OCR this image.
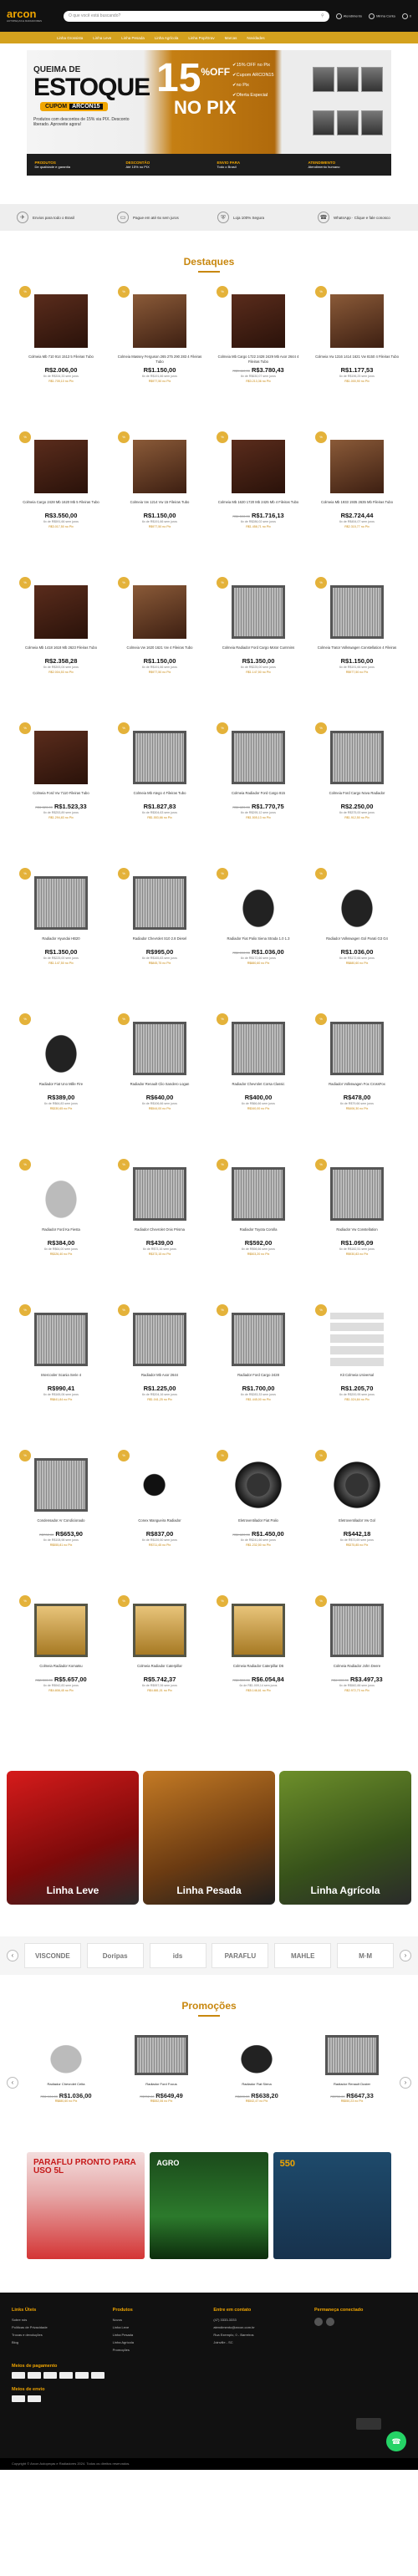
arcon
AUTOPEÇAS E RADIADORES
O que você está buscando?	⚲	Atendimento	Minha Conta	0
Linha Grossista	Linha Leve	Linha Pesada	Linha Agrícola	Linha Pop/Grav	Marcas	Novidades
QUEIMA DE
ESTOQUE
CUPOM ARCON15
Produtos com descontos de 15% via PIX. Desconto liberado. Aproveite agora!
15%OFF
NO PIX
✔ 15% OFF no Pix
✔ Cupom ARCON15
✔ no Pix
✔ Oferta Especial
PRODUTOS
De qualidade e garantia
DESCONTÃO
Até 15% no PIX
ENVIO PARA
Todo o Brasil
ATENDIMENTO
Atendimento humano
✈	Envios para todo o Brasil	▭	Pague em até 6x sem juros	⛨	Loja 100% Segura	☎	WhatsApp · Clique e fale conosco
Destaques
%
Colmeia Mb 710 914 1513 5 Fileiras Tubo
R$2.006,00
6x de R$334,33 sem juros
R$1.705,10 no Pix
%
Colmeia Massey Ferguson 265 275 290 283 4 Fileiras Tubo
R$1.150,00
6x de R$191,66 sem juros
R$977,50 no Pix
%
Colmeia Mb Cargo 1722 2428 2429 Mb Axor 2644 4 Fileiras Tubo
R$3.460,00 R$3.780,43
6x de R$630,07 sem juros
R$3.213,36 no Pix
%
Colmeia Vw 1316 1414 1621 Vw 8150 4 Fileiras Tubo
R$1.177,53
6x de R$196,25 sem juros
R$1.000,90 no Pix
%
Colmeia Cargo 2428 Mb 1620 Mb 5 Fileiras Tubo
R$3.550,00
6x de R$591,66 sem juros
R$3.017,50 no Pix
%
Colmeia Vw 1214 Vw 15 Fileiras Tubo
R$1.150,00
6x de R$191,66 sem juros
R$977,50 no Pix
%
Colmeia Mb 1620 1720 Mb 2425 Mb 4 Fileiras Tubo
R$1.590,00 R$1.716,13
6x de R$286,02 sem juros
R$1.458,71 no Pix
%
Colmeia Mb 1933 1935 2635 Mb Fileiras Tubo
R$2.724,44
6x de R$454,07 sem juros
R$2.315,77 no Pix
%
Colmeia Mb 1418 1618 Mb 2623 Fileiras Tubo
R$2.358,28
6x de R$393,04 sem juros
R$2.004,53 no Pix
%
Colmeia Vw 1620 1621 Vw 4 Fileiras Tubo
R$1.150,00
6x de R$191,66 sem juros
R$977,50 no Pix
%
Colmeia Radiador Ford Cargo Motor Cummins
R$1.350,00
6x de R$225,00 sem juros
R$1.147,50 no Pix
%
Colmeia Trator Volkswagen Constellation 4 Fileiras
R$1.150,00
6x de R$191,66 sem juros
R$977,50 no Pix
%
Colmeia Ford Vw 7110 Fileiras Tubo
R$1.520,00 R$1.523,33
6x de R$253,89 sem juros
R$1.294,83 no Pix
%
Colmeia Mb Atego 4 Fileiras Tubo
R$1.827,83
6x de R$304,63 sem juros
R$1.553,66 no Pix
%
Colmeia Radiador Ford Cargo 815
R$1.620,00 R$1.770,75
6x de R$295,12 sem juros
R$1.505,13 no Pix
%
Colmeia Ford Cargo Nova Radiador
R$2.250,00
6x de R$375,00 sem juros
R$1.912,50 no Pix
%
Radiador Hyundai HB20
R$1.350,00
6x de R$225,00 sem juros
R$1.147,50 no Pix
%
Radiador Chevrolet S10 2.8 Diesel
R$995,00
6x de R$165,83 sem juros
R$845,75 no Pix
%
Radiador Fiat Palio Siena Strada 1.0 1.3
R$1.090,00 R$1.036,00
6x de R$172,66 sem juros
R$880,60 no Pix
%
Radiador Volkswagen Gol Parati G3 G4
R$1.036,00
6x de R$172,66 sem juros
R$880,60 no Pix
%
Radiador Fiat Uno Mille Fire
R$389,00
6x de R$64,83 sem juros
R$330,65 no Pix
%
Radiador Renault Clio Sandero Logan
R$640,00
6x de R$106,66 sem juros
R$544,00 no Pix
%
Radiador Chevrolet Corsa Classic
R$400,00
6x de R$66,66 sem juros
R$340,00 no Pix
%
Radiador Volkswagen Fox CrossFox
R$478,00
6x de R$79,66 sem juros
R$406,30 no Pix
%
Radiador Ford Ka Fiesta
R$384,00
6x de R$64,00 sem juros
R$326,40 no Pix
%
Radiador Chevrolet Onix Prisma
R$439,00
6x de R$73,16 sem juros
R$373,15 no Pix
%
Radiador Toyota Corolla
R$592,00
6x de R$98,66 sem juros
R$503,20 no Pix
%
Radiador Vw Constellation
R$1.095,09
6x de R$182,51 sem juros
R$930,83 no Pix
%
Intercooler Scania Serie 4
R$990,41
6x de R$165,06 sem juros
R$841,84 no Pix
%
Radiador Mb Axor 2644
R$1.225,00
6x de R$204,16 sem juros
R$1.041,25 no Pix
%
Radiador Ford Cargo 2428
R$1.700,00
6x de R$283,33 sem juros
R$1.445,00 no Pix
%
Kit Colmeia Universal
R$1.205,70
6x de R$200,95 sem juros
R$1.024,84 no Pix
%
Condensador Ar Condicionado
R$702,00 R$653,90
6x de R$108,98 sem juros
R$555,81 no Pix
%
Conex Mangueira Radiador
R$837,00
6x de R$139,50 sem juros
R$711,45 no Pix
%
Eletroventilador Fiat Palio
R$1.620,00 R$1.450,00
6x de R$241,66 sem juros
R$1.232,50 no Pix
%
Eletroventilador Vw Gol
R$442,18
6x de R$73,69 sem juros
R$375,85 no Pix
%
Colmeia Radiador Komatsu
R$8.500,00 R$5.657,00
6x de R$942,83 sem juros
R$4.808,45 no Pix
%
Colmeia Radiador Caterpillar
R$5.742,37
6x de R$957,06 sem juros
R$4.881,01 no Pix
%
Colmeia Radiador Caterpillar D6
R$6.300,00 R$6.054,84
6x de R$1.009,14 sem juros
R$5.146,61 no Pix
%
Colmeia Radiador John Deere
R$4.900,00 R$3.497,33
6x de R$582,88 sem juros
R$2.972,73 no Pix
Linha Leve	Linha Pesada	Linha Agrícola
‹	VISCONDE	Doripas	ids	PARAFLU	MAHLE	M·M	›
Promoções
‹	Radiador Chevrolet Celta
R$1.104,00 R$1.036,00
R$880,60 no Pix
Radiador Ford Focus
R$702,00 R$649,49
R$552,06 no Pix
Radiador Fiat Siena
R$690,00 R$638,20
R$542,47 no Pix
Radiador Renault Duster
R$730,00 R$647,33
R$550,23 no Pix
›
PARAFLU PRONTO PARA USO 5L
AGRO	550
Links Úteis
Sobre nós
Políticas de Privacidade
Trocas e devoluções
Blog
Produtos
Novos
Linha Leve
Linha Pesada
Linha Agrícola
Promoções
Entre em contato
(47) 3333-3333
atendimento@arcon.com.br
Rua Exemplo, 0 - Barreiros
Joinville - SC
Permaneça conectado
Meios de pagamento
Meios de envio
☎
Copyright © Arcon Autopeças e Radiadores 2024. Todos os direitos reservados.
